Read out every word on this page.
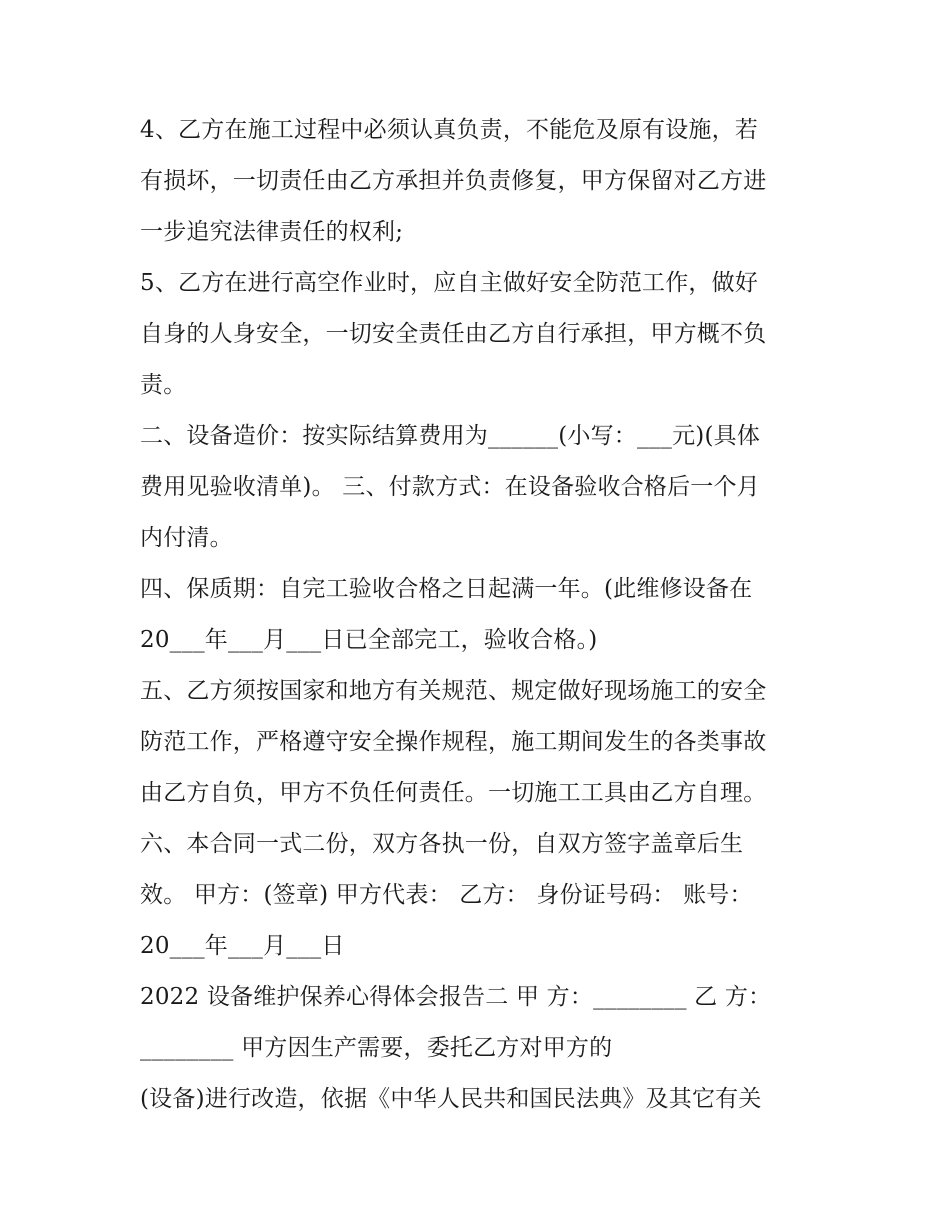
4、乙方在施工过程中必须认真负责，不能危及原有设施，若
有损坏，一切责任由乙方承担并负责修复，甲方保留对乙方进
一步追究法律责任的权利;
5、乙方在进行高空作业时，应自主做好安全防范工作，做好
自身的人身安全，一切安全责任由乙方自行承担，甲方概不负
责。
二、设备造价：按实际结算费用为______(小写：___元)(具体
费用见验收清单)。 三、付款方式：在设备验收合格后一个月
内付清。
四、保质期：自完工验收合格之日起满一年。(此维修设备在
20___年___月___日已全部完工，验收合格。)
五、乙方须按国家和地方有关规范、规定做好现场施工的安全
防范工作，严格遵守安全操作规程，施工期间发生的各类事故
由乙方自负，甲方不负任何责任。一切施工工具由乙方自理。
六、本合同一式二份，双方各执一份，自双方签字盖章后生
效。 甲方：(签章) 甲方代表： 乙方： 身份证号码： 账号：
20___年___月___日
2022 设备维护保养心得体会报告二 甲 方：________ 乙 方：
________ 甲方因生产需要，委托乙方对甲方的
(设备)进行改造，依据《中华人民共和国民法典》及其它有关
